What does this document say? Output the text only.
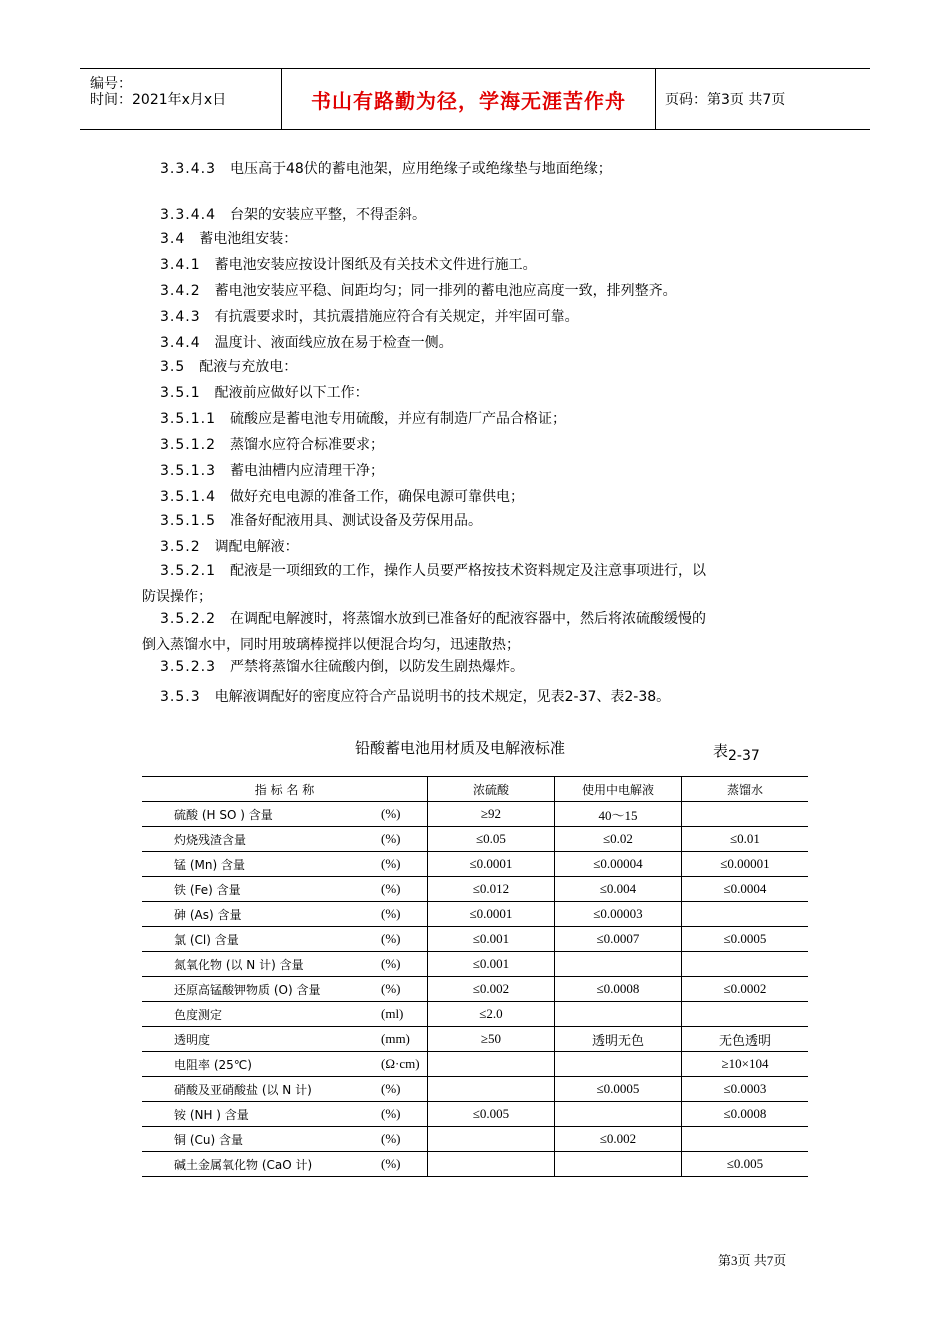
编号：
时间：2021年x月x日	书山有路勤为径，学海无涯苦作舟	页码：第3页 共7页
3.3.4.3 电压高于48伏的蓄电池架，应用绝缘子或绝缘垫与地面绝缘；
3.3.4.4 台架的安装应平整，不得歪斜。
3.4 蓄电池组安装：
3.4.1 蓄电池安装应按设计图纸及有关技术文件进行施工。
3.4.2 蓄电池安装应平稳、间距均匀；同一排列的蓄电池应高度一致，排列整齐。
3.4.3 有抗震要求时，其抗震措施应符合有关规定，并牢固可靠。
3.4.4 温度计、液面线应放在易于检查一侧。
3.5 配液与充放电：
3.5.1 配液前应做好以下工作：
3.5.1.1 硫酸应是蓄电池专用硫酸，并应有制造厂产品合格证；
3.5.1.2 蒸馏水应符合标准要求；
3.5.1.3 蓄电油槽内应清理干净；
3.5.1.4 做好充电电源的准备工作，确保电源可靠供电；
3.5.1.5 准备好配液用具、测试设备及劳保用品。
3.5.2 调配电解液：
3.5.2.1 配液是一项细致的工作，操作人员要严格按技术资料规定及注意事项进行，以
防误操作；
3.5.2.2 在调配电解渡时，将蒸馏水放到已准备好的配液容器中，然后将浓硫酸缓慢的
倒入蒸馏水中，同时用玻璃棒搅拌以便混合均匀，迅速散热；
3.5.2.3 严禁将蒸馏水往硫酸内倒，以防发生剧热爆炸。
3.5.3 电解液调配好的密度应符合产品说明书的技术规定，见表2-37、表2-38。
铅酸蓄电池用材质及电解液标准	表$_{2-37}$
指 标 名 称		浓硫酸	使用中电解液	蒸馏水
硫酸 (H SO ) 含量	(%)	≥92	40～15	
灼烧残渣含量	(%)	≤0.05	≤0.02	≤0.01
锰 (Mn) 含量	(%)	≤0.0001	≤0.00004	≤0.00001
铁 (Fe) 含量	(%)	≤0.012	≤0.004	≤0.0004
砷 (As) 含量	(%)	≤0.0001	≤0.00003	
氯 (Cl) 含量	(%)	≤0.001	≤0.0007	≤0.0005
氮氧化物 (以 N 计) 含量	(%)	≤0.001		
还原高锰酸钾物质 (O) 含量	(%)	≤0.002	≤0.0008	≤0.0002
色度测定	(ml)	≤2.0		
透明度	(mm)	≥50	透明无色	无色透明
电阻率 (25℃)	(Ω·cm)			≥10×104
硝酸及亚硝酸盐 (以 N 计)	(%)		≤0.0005	≤0.0003
铵 (NH ) 含量	(%)	≤0.005		≤0.0008
铜 (Cu) 含量	(%)		≤0.002	
碱土金属氧化物 (CaO 计)	(%)			≤0.005
第3页 共7页
